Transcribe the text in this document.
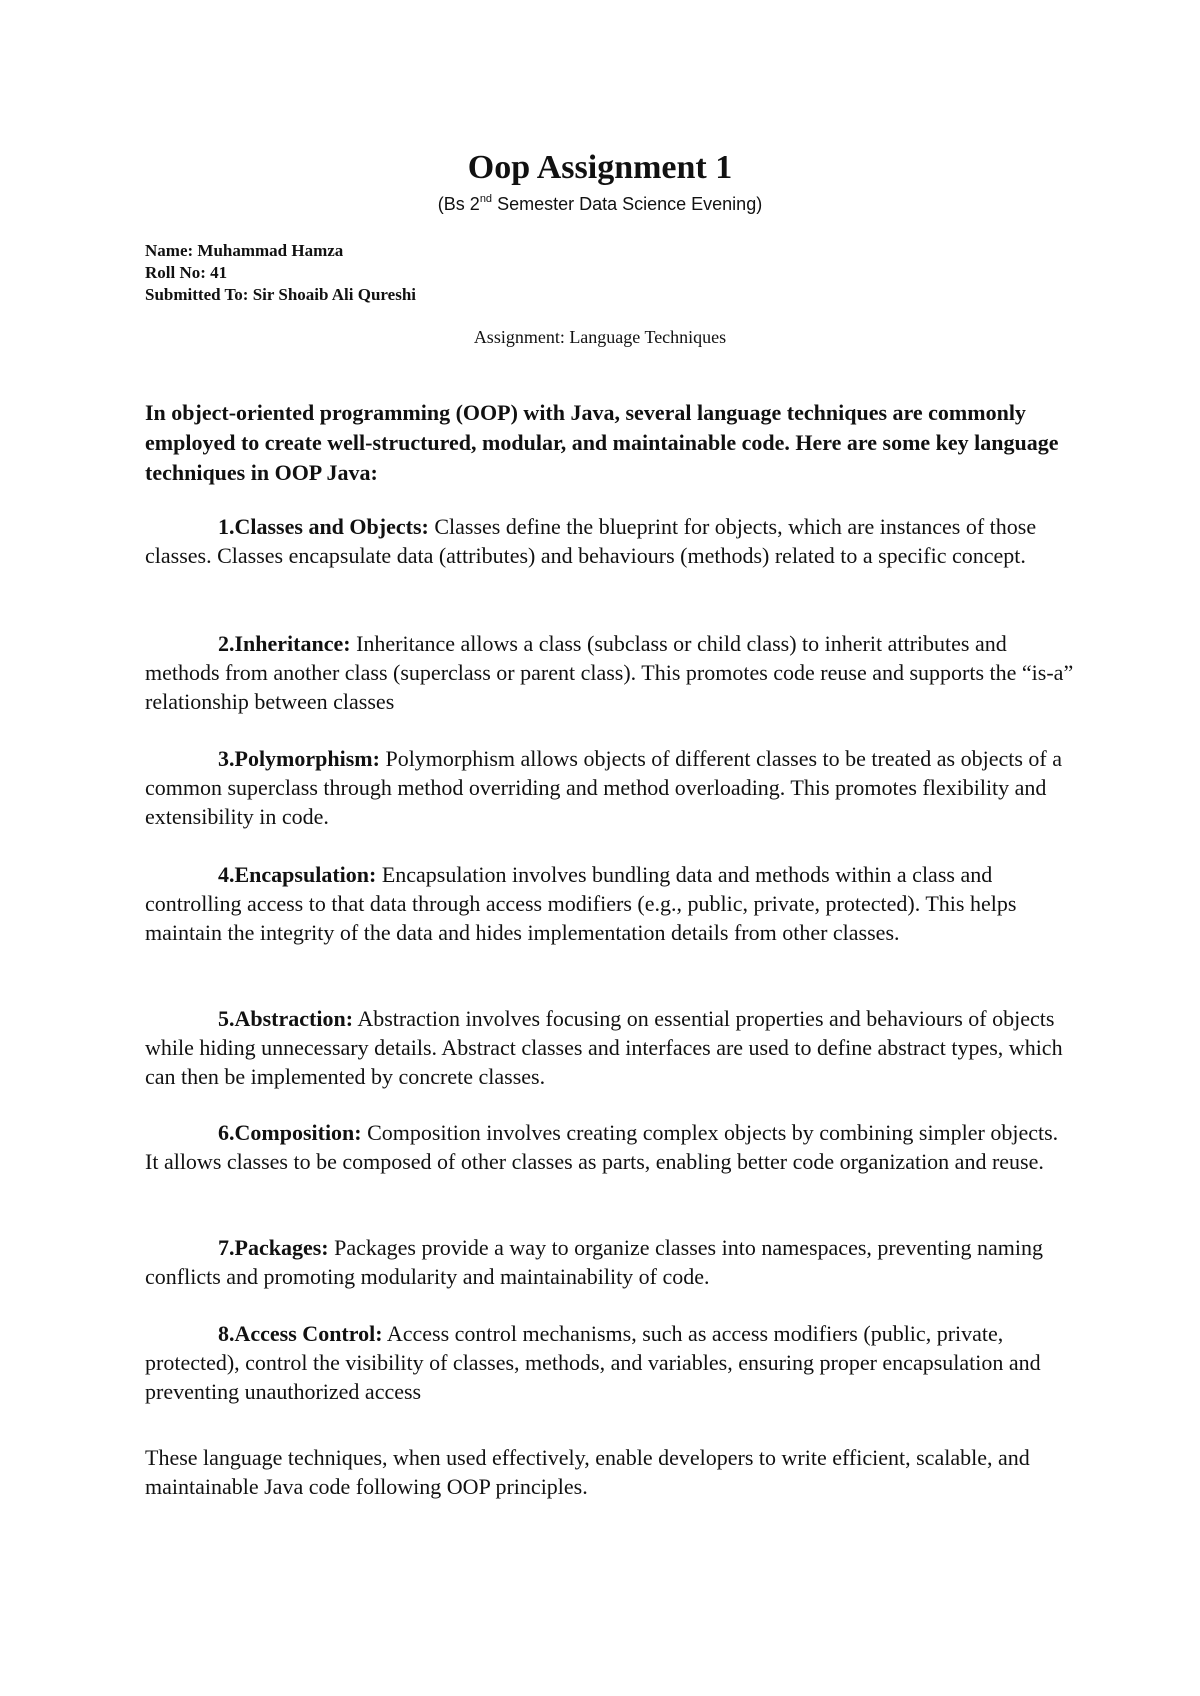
Oop Assignment 1
(Bs 2nd Semester Data Science Evening)
Name: Muhammad Hamza
Roll No: 41
Submitted To: Sir Shoaib Ali Qureshi
Assignment: Language Techniques
In object-oriented programming (OOP) with Java, several language techniques are commonly employed to create well-structured, modular, and maintainable code. Here are some key language techniques in OOP Java:
1.Classes and Objects: Classes define the blueprint for objects, which are instances of those classes. Classes encapsulate data (attributes) and behaviours (methods) related to a specific concept.
2.Inheritance: Inheritance allows a class (subclass or child class) to inherit attributes and methods from another class (superclass or parent class). This promotes code reuse and supports the “is-a” relationship between classes
3.Polymorphism: Polymorphism allows objects of different classes to be treated as objects of a common superclass through method overriding and method overloading. This promotes flexibility and extensibility in code.
4.Encapsulation: Encapsulation involves bundling data and methods within a class and controlling access to that data through access modifiers (e.g., public, private, protected). This helps maintain the integrity of the data and hides implementation details from other classes.
5.Abstraction: Abstraction involves focusing on essential properties and behaviours of objects while hiding unnecessary details. Abstract classes and interfaces are used to define abstract types, which can then be implemented by concrete classes.
6.Composition: Composition involves creating complex objects by combining simpler objects. It allows classes to be composed of other classes as parts, enabling better code organization and reuse.
7.Packages: Packages provide a way to organize classes into namespaces, preventing naming conflicts and promoting modularity and maintainability of code.
8.Access Control: Access control mechanisms, such as access modifiers (public, private, protected), control the visibility of classes, methods, and variables, ensuring proper encapsulation and preventing unauthorized access
These language techniques, when used effectively, enable developers to write efficient, scalable, and maintainable Java code following OOP principles.
